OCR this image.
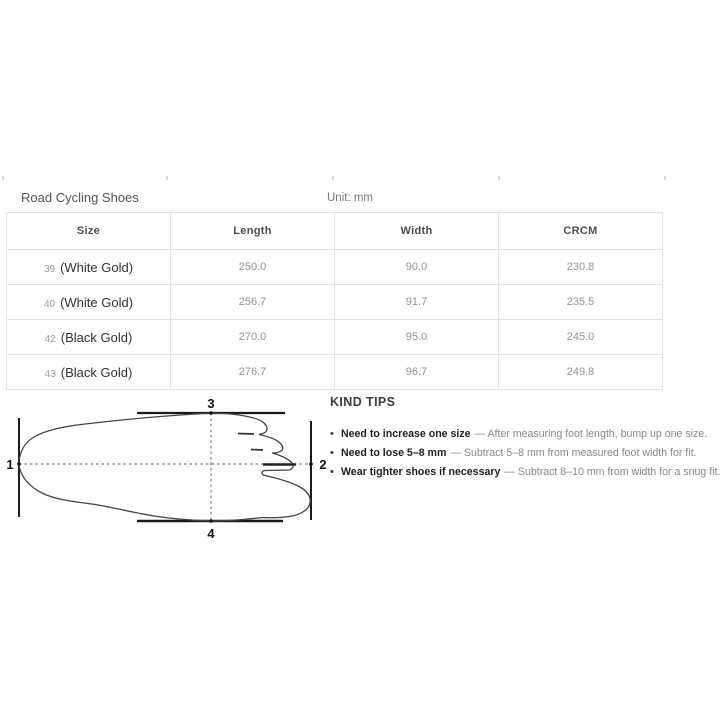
Road Cycling Shoes	Unit: mm
Size	Length	Width	CRCM
39 (White Gold)	250.0	90.0	230.8
40 (White Gold)	256.7	91.7	235.5
42 (Black Gold)	270.0	95.0	245.0
43 (Black Gold)	276.7	96.7	249.8
1	2
3
4
KIND TIPS
• Need to increase one size — After measuring foot length, bump up one size.
• Need to lose 5–8 mm — Subtract 5–8 mm from measured foot width for fit.
• Wear tighter shoes if necessary — Subtract 8–10 mm from width for a snug fit.
